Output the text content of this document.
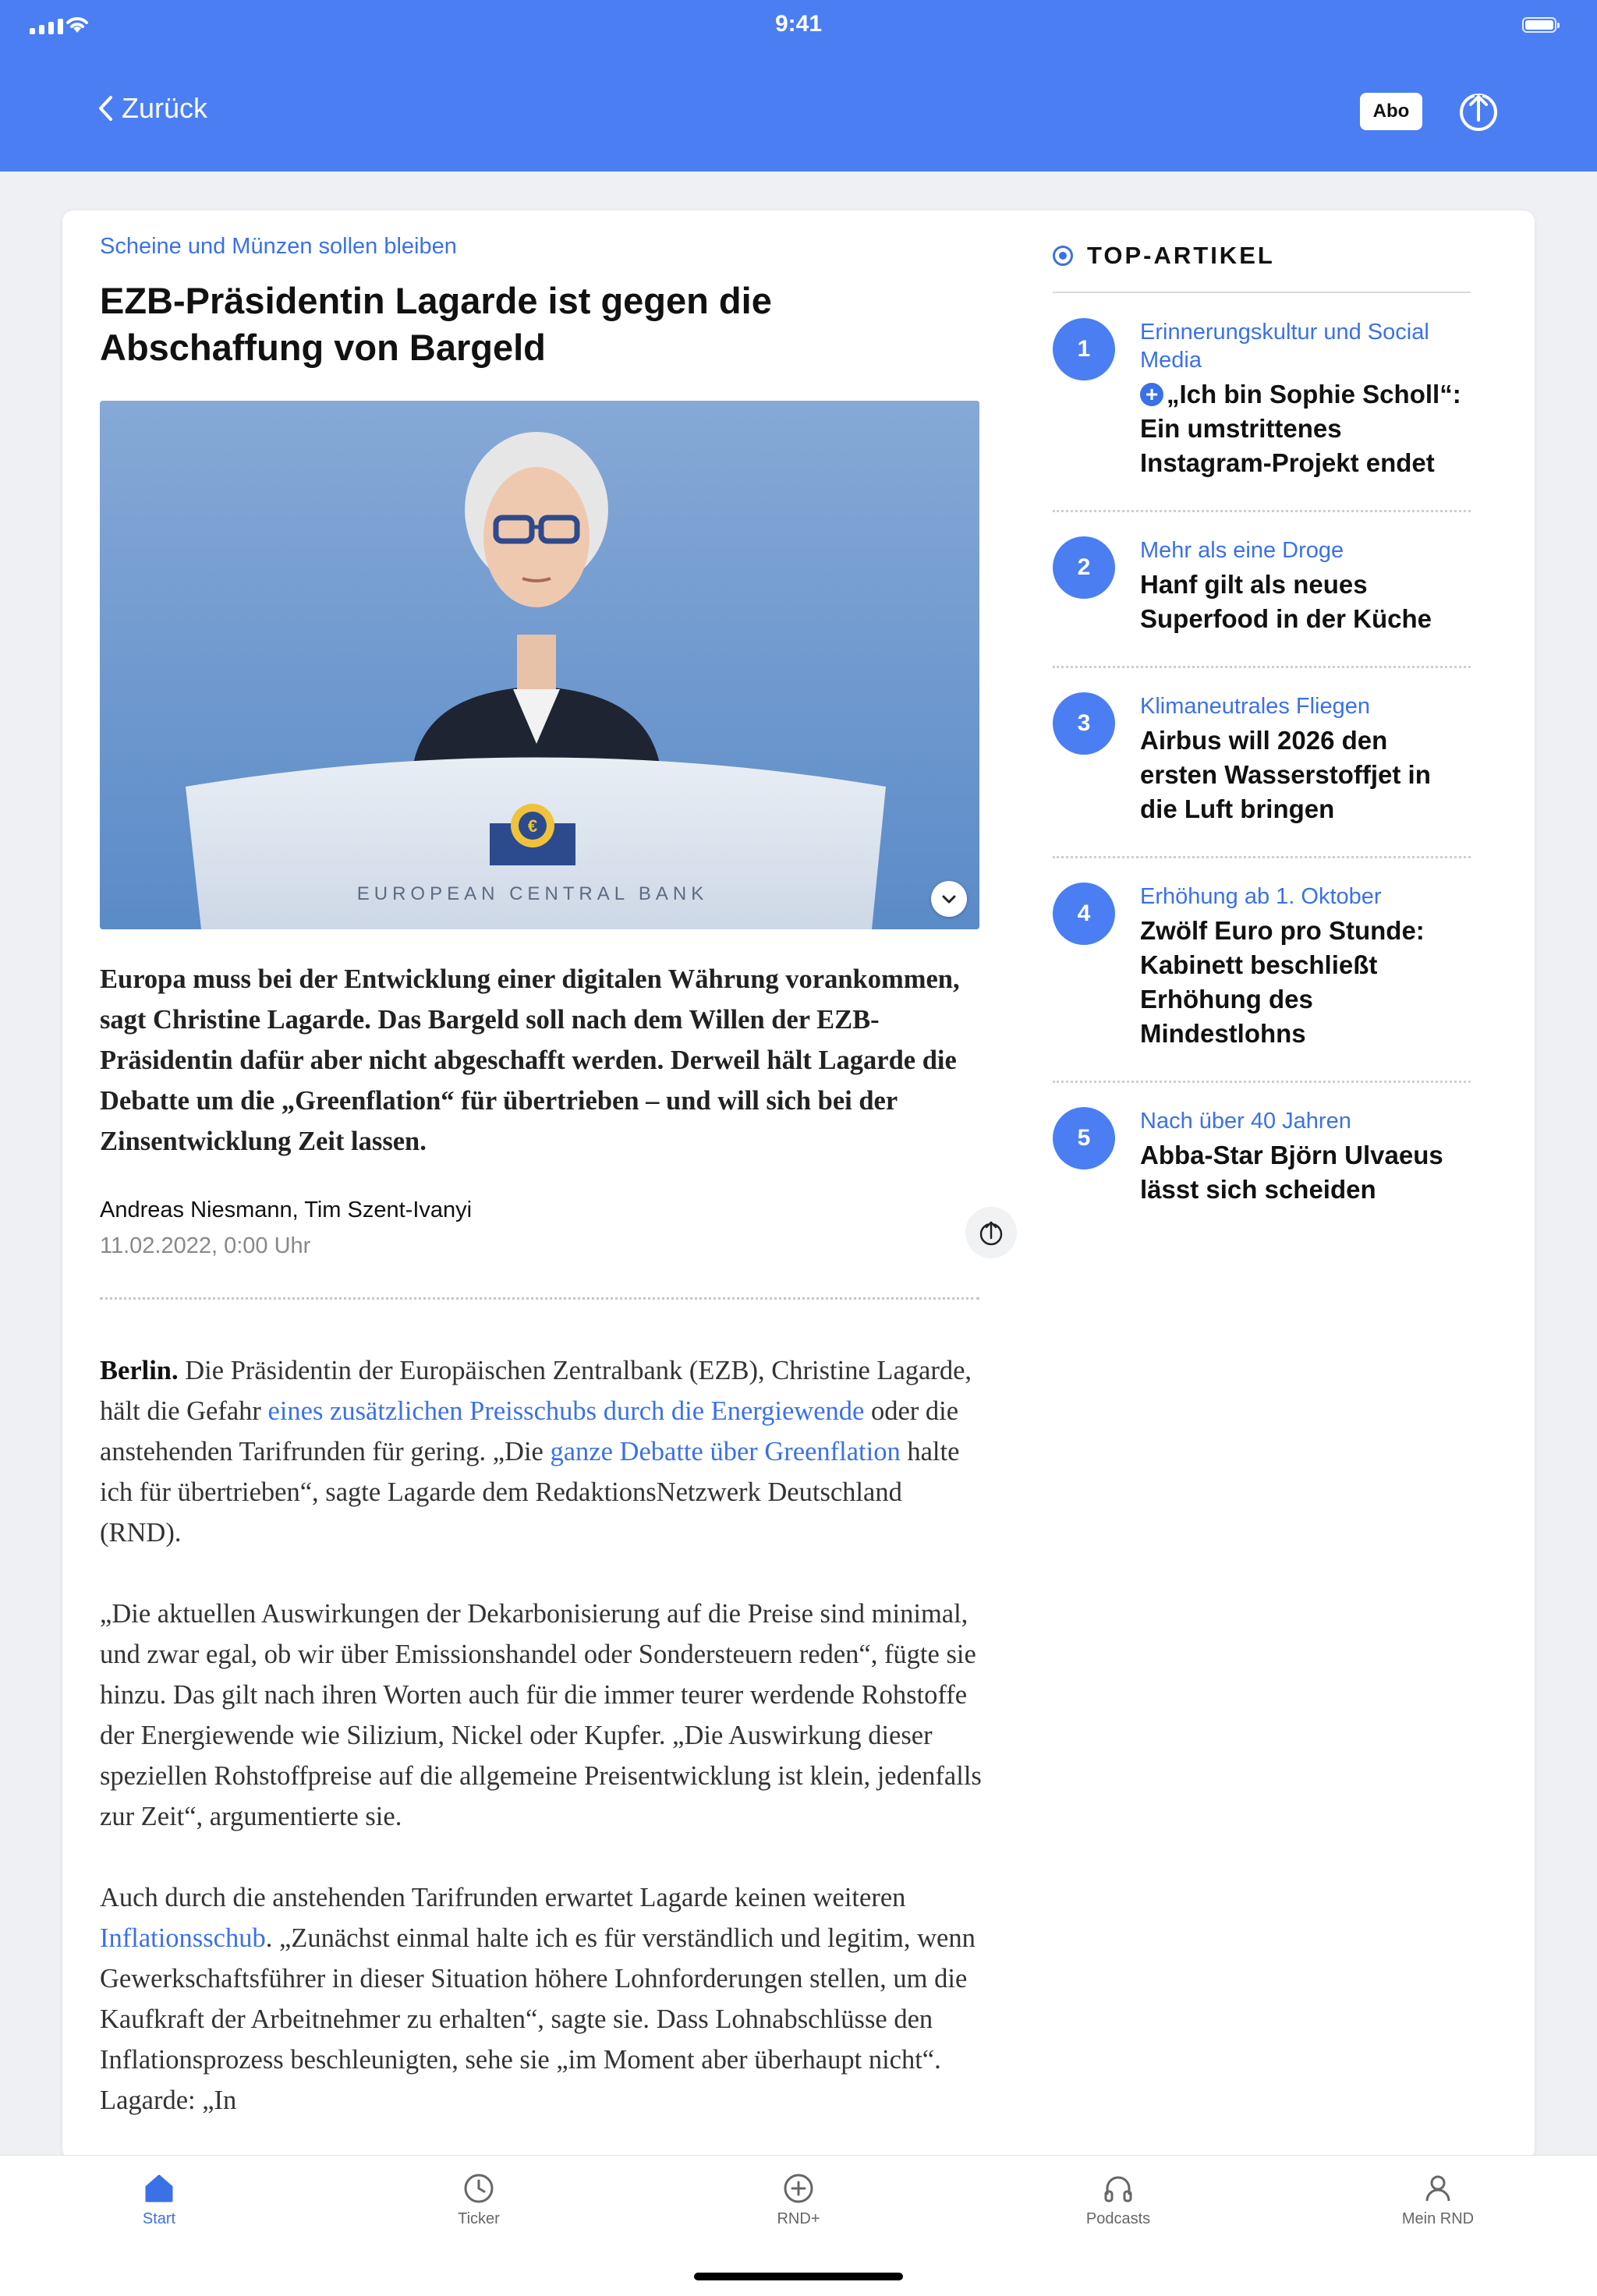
9:41
Zurück	Abo
Scheine und Münzen sollen bleiben
EZB-Präsidentin Lagarde ist gegen die Abschaffung von Bargeld
€
EUROPEAN CENTRAL BANK

Europa muss bei der Entwicklung einer digitalen Währung vorankommen, sagt Christine Lagarde. Das Bargeld soll nach dem Willen der EZB-Präsidentin dafür aber nicht abgeschafft werden. Derweil hält Lagarde die Debatte um die „Greenflation“ für übertrieben – und will sich bei der Zinsentwicklung Zeit lassen.

Andreas Niesmann, Tim Szent-Ivanyi
11.02.2022, 0:00 Uhr

Berlin. Die Präsidentin der Europäischen Zentralbank (EZB), Christine Lagarde, hält die Gefahr eines zusätzlichen Preisschubs durch die Energiewende oder die anstehenden Tarifrunden für gering. „Die ganze Debatte über Greenflation halte ich für übertrieben“, sagte Lagarde dem RedaktionsNetzwerk Deutschland (RND).

„Die aktuellen Auswirkungen der Dekarbonisierung auf die Preise sind minimal, und zwar egal, ob wir über Emissionshandel oder Sondersteuern reden“, fügte sie hinzu. Das gilt nach ihren Worten auch für die immer teurer werdende Rohstoffe der Energiewende wie Silizium, Nickel oder Kupfer. „Die Auswirkung dieser speziellen Rohstoffpreise auf die allgemeine Preisentwicklung ist klein, jedenfalls zur Zeit“, argumentierte sie.

Auch durch die anstehenden Tarifrunden erwartet Lagarde keinen weiteren Inflationsschub. „Zunächst einmal halte ich es für verständlich und legitim, wenn Gewerkschaftsführer in dieser Situation höhere Lohnforderungen stellen, um die Kaufkraft der Arbeitnehmer zu erhalten“, sagte sie. Dass Lohnabschlüsse den Inflationsprozess beschleunigten, sehe sie „im Moment aber überhaupt nicht“. Lagarde: „In

TOP-ARTIKEL
1
Erinnerungskultur und Social Media
+ „Ich bin Sophie Scholl“: Ein umstrittenes Instagram-Projekt endet
2
Mehr als eine Droge
Hanf gilt als neues Superfood in der Küche
3
Klimaneutrales Fliegen
Airbus will 2026 den ersten Wasserstoffjet in die Luft bringen
4
Erhöhung ab 1. Oktober
Zwölf Euro pro Stunde: Kabinett beschließt Erhöhung des Mindestlohns
5
Nach über 40 Jahren
Abba-Star Björn Ulvaeus lässt sich scheiden
Start	Ticker	RND+	Podcasts	Mein RND
